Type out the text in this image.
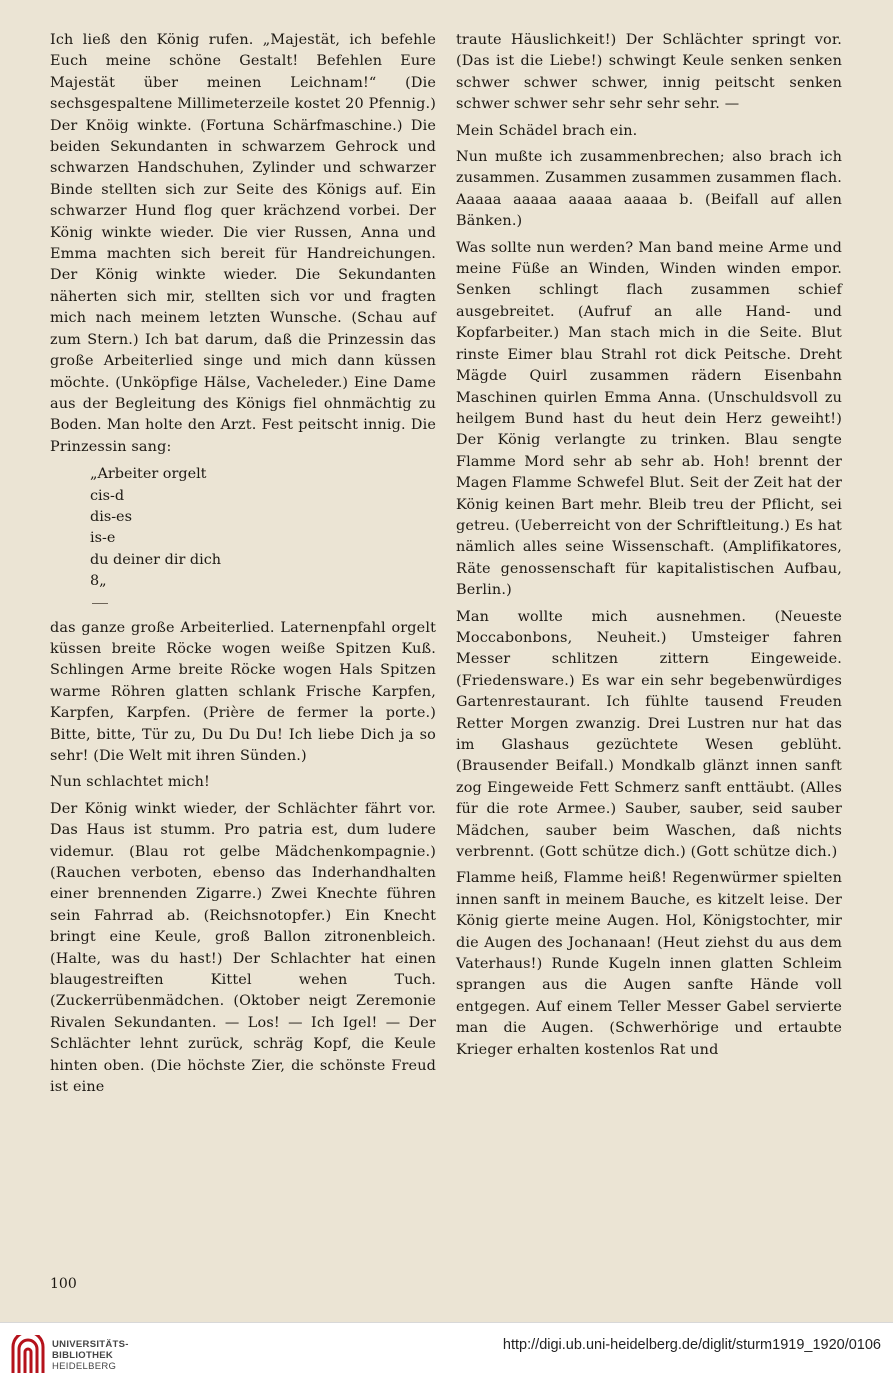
Ich ließ den König rufen. „Majestät, ich befehle Euch meine schöne Gestalt! Befehlen Eure Majestät über meinen Leichnam!“ (Die sechsgespaltene Millimeterzeile kostet 20 Pfennig.) Der Knöig winkte. (Fortuna Schärfmaschine.) Die beiden Sekundanten in schwarzem Gehrock und schwarzen Handschuhen, Zylinder und schwarzer Binde stellten sich zur Seite des Königs auf. Ein schwarzer Hund flog quer krächzend vorbei. Der König winkte wieder. Die vier Russen, Anna und Emma machten sich bereit für Handreichungen. Der König winkte wieder. Die Sekundanten näherten sich mir, stellten sich vor und fragten mich nach meinem letzten Wunsche. (Schau auf zum Stern.) Ich bat darum, daß die Prinzessin das große Arbeiterlied singe und mich dann küssen möchte. (Unköpfige Hälse, Vacheleder.) Eine Dame aus der Begleitung des Königs fiel ohnmächtig zu Boden. Man holte den Arzt. Fest peitscht innig. Die Prinzessin sang:

„Arbeiter orgelt
cis-d
dis-es
is-e
du deiner dir dich
8„

das ganze große Arbeiterlied. Laternenpfahl orgelt küssen breite Röcke wogen weiße Spitzen Kuß. Schlingen Arme breite Röcke wogen Hals Spitzen warme Röhren glatten schlank Frische Karpfen, Karpfen, Karpfen. (Prière de fermer la porte.) Bitte, bitte, Tür zu, Du Du Du! Ich liebe Dich ja so sehr! (Die Welt mit ihren Sünden.)

Nun schlachtet mich!

Der König winkt wieder, der Schlächter fährt vor. Das Haus ist stumm. Pro patria est, dum ludere videmur. (Blau rot gelbe Mädchenkompagnie.) (Rauchen verboten, ebenso das Inderhandhalten einer brennenden Zigarre.) Zwei Knechte führen sein Fahrrad ab. (Reichsnotopfer.) Ein Knecht bringt eine Keule, groß Ballon zitronenbleich. (Halte, was du hast!) Der Schlachter hat einen blaugestreiften Kittel wehen Tuch. (Zuckerrübenmädchen. (Oktober neigt Zeremonie Rivalen Sekundanten. — Los! — Ich Igel! — Der Schlächter lehnt zurück, schräg Kopf, die Keule hinten oben. (Die höchste Zier, die schönste Freud ist eine

traute Häuslichkeit!) Der Schlächter springt vor. (Das ist die Liebe!) schwingt Keule senken senken schwer schwer schwer, innig peitscht senken schwer schwer sehr sehr sehr sehr. —

Mein Schädel brach ein.

Nun mußte ich zusammenbrechen; also brach ich zusammen. Zusammen zusammen zusammen flach. Aaaaa aaaaa aaaaa aaaaa b. (Beifall auf allen Bänken.)

Was sollte nun werden? Man band meine Arme und meine Füße an Winden, Winden winden empor. Senken schlingt flach zusammen schief ausgebreitet. (Aufruf an alle Hand- und Kopfarbeiter.) Man stach mich in die Seite. Blut rinste Eimer blau Strahl rot dick Peitsche. Dreht Mägde Quirl zusammen rädern Eisenbahn Maschinen quirlen Emma Anna. (Unschuldsvoll zu heilgem Bund hast du heut dein Herz geweiht!) Der König verlangte zu trinken. Blau sengte Flamme Mord sehr ab sehr ab. Hoh! brennt der Magen Flamme Schwefel Blut. Seit der Zeit hat der König keinen Bart mehr. Bleib treu der Pflicht, sei getreu. (Ueberreicht von der Schriftleitung.) Es hat nämlich alles seine Wissenschaft. (Amplifikatores, Räte genossenschaft für kapitalistischen Aufbau, Berlin.)

Man wollte mich ausnehmen. (Neueste Moccabonbons, Neuheit.) Umsteiger fahren Messer schlitzen zittern Eingeweide. (Friedensware.) Es war ein sehr begebenwürdiges Gartenrestaurant. Ich fühlte tausend Freuden Retter Morgen zwanzig. Drei Lustren nur hat das im Glashaus gezüchtete Wesen geblüht. (Brausender Beifall.) Mondkalb glänzt innen sanft zog Eingeweide Fett Schmerz sanft enttäubt. (Alles für die rote Armee.) Sauber, sauber, seid sauber Mädchen, sauber beim Waschen, daß nichts verbrennt. (Gott schütze dich.) (Gott schütze dich.)

Flamme heiß, Flamme heiß! Regenwürmer spielten innen sanft in meinem Bauche, es kitzelt leise. Der König gierte meine Augen. Hol, Königstochter, mir die Augen des Jochanaan! (Heut ziehst du aus dem Vaterhaus!) Runde Kugeln innen glatten Schleim sprangen aus die Augen sanfte Hände voll entgegen. Auf einem Teller Messer Gabel servierte man die Augen. (Schwerhörige und ertaubte Krieger erhalten kostenlos Rat und

100
UNIVERSITÄTS-
BIBLIOTHEK
HEIDELBERG
http://digi.ub.uni-heidelberg.de/diglit/sturm1919_1920/0106
